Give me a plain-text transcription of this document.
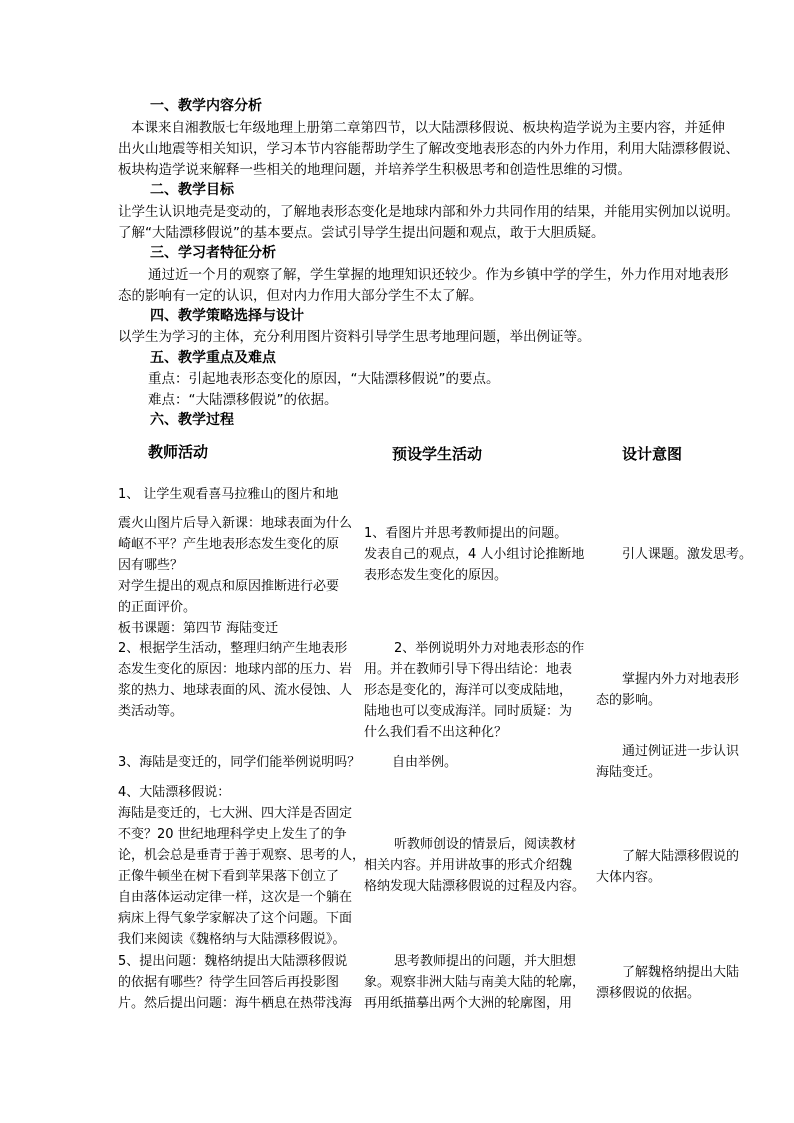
一、教学内容分析
本课来自湘教版七年级地理上册第二章第四节，以大陆漂移假说、板块构造学说为主要内容，并延伸
出火山地震等相关知识，学习本节内容能帮助学生了解改变地表形态的内外力作用，利用大陆漂移假说、
板块构造学说来解释一些相关的地理问题，并培养学生积极思考和创造性思维的习惯。
二、教学目标
让学生认识地壳是变动的，了解地表形态变化是地球内部和外力共同作用的结果，并能用实例加以说明。
了解“大陆漂移假说”的基本要点。尝试引导学生提出问题和观点，敢于大胆质疑。
三、学习者特征分析
通过近一个月的观察了解，学生掌握的地理知识还较少。作为乡镇中学的学生，外力作用对地表形
态的影响有一定的认识，但对内力作用大部分学生不太了解。
四、教学策略选择与设计
以学生为学习的主体，充分利用图片资料引导学生思考地理问题，举出例证等。
五、教学重点及难点
重点：引起地表形态变化的原因，“大陆漂移假说”的要点。
难点：“大陆漂移假说”的依据。
六、教学过程
教师活动	预设学生活动	设计意图
1、 让学生观看喜马拉雅山的图片和地
震火山图片后导入新课：地球表面为什么
崎岖不平？产生地表形态发生变化的原
因有哪些？
对学生提出的观点和原因推断进行必要
的正面评价。
板书课题：第四节 海陆变迁
1、看图片并思考教师提出的问题。
发表自己的观点，4 人小组讨论推断地
表形态发生变化的原因。
引人课题。激发思考。
2、根据学生活动，整理归纳产生地表形
态发生变化的原因：地球内部的压力、岩
浆的热力、地球表面的风、流水侵蚀、人
类活动等。
2、举例说明外力对地表形态的作
用。并在教师引导下得出结论：地表
形态是变化的，海洋可以变成陆地，
陆地也可以变成海洋。同时质疑：为
什么我们看不出这种化？
掌握内外力对地表形
态的影响。
3、海陆是变迁的，同学们能举例说明吗？ 自由举例。
通过例证进一步认识
海陆变迁。
4、大陆漂移假说：
海陆是变迁的，七大洲、四大洋是否固定
不变？20 世纪地理科学史上发生了的争
论，机会总是垂青于善于观察、思考的人，
正像牛顿坐在树下看到苹果落下创立了
自由落体运动定律一样，这次是一个躺在
病床上得气象学家解决了这个问题。下面
我们来阅读《魏格纳与大陆漂移假说》。
听教师创设的情景后，阅读教材
相关内容。并用讲故事的形式介绍魏
格纳发现大陆漂移假说的过程及内容。
了解大陆漂移假说的
大体内容。
5、提出问题：魏格纳提出大陆漂移假说
的依据有哪些？待学生回答后再投影图
片。然后提出问题：海牛栖息在热带浅海
思考教师提出的问题，并大胆想
象。观察非洲大陆与南美大陆的轮廓，
再用纸描摹出两个大洲的轮廓图，用
了解魏格纳提出大陆
漂移假说的依据。
